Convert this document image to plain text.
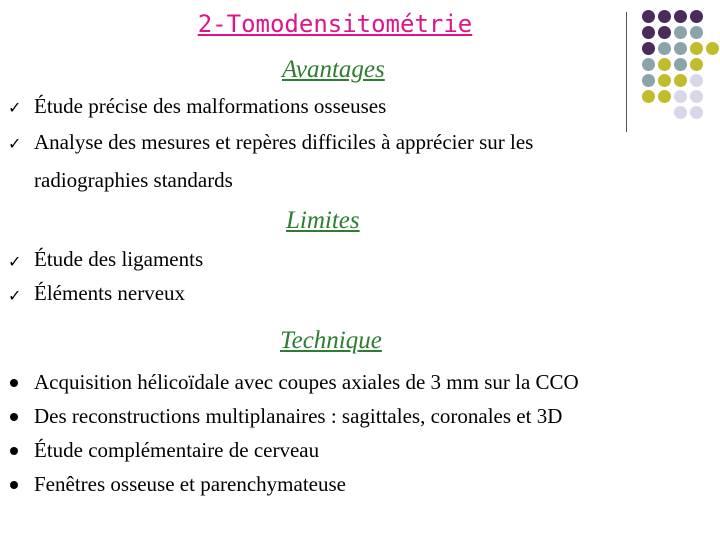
2-Tomodensitométrie
Avantages
✓ Étude précise des malformations osseuses
✓ Analyse des mesures et repères difficiles à apprécier sur les
radiographies standards
Limites
✓ Étude des ligaments
✓ Éléments nerveux
Technique
Acquisition hélicoïdale avec coupes axiales de 3 mm sur la CCO
Des reconstructions multiplanaires : sagittales, coronales et 3D
Étude complémentaire de cerveau
Fenêtres osseuse et parenchymateuse
